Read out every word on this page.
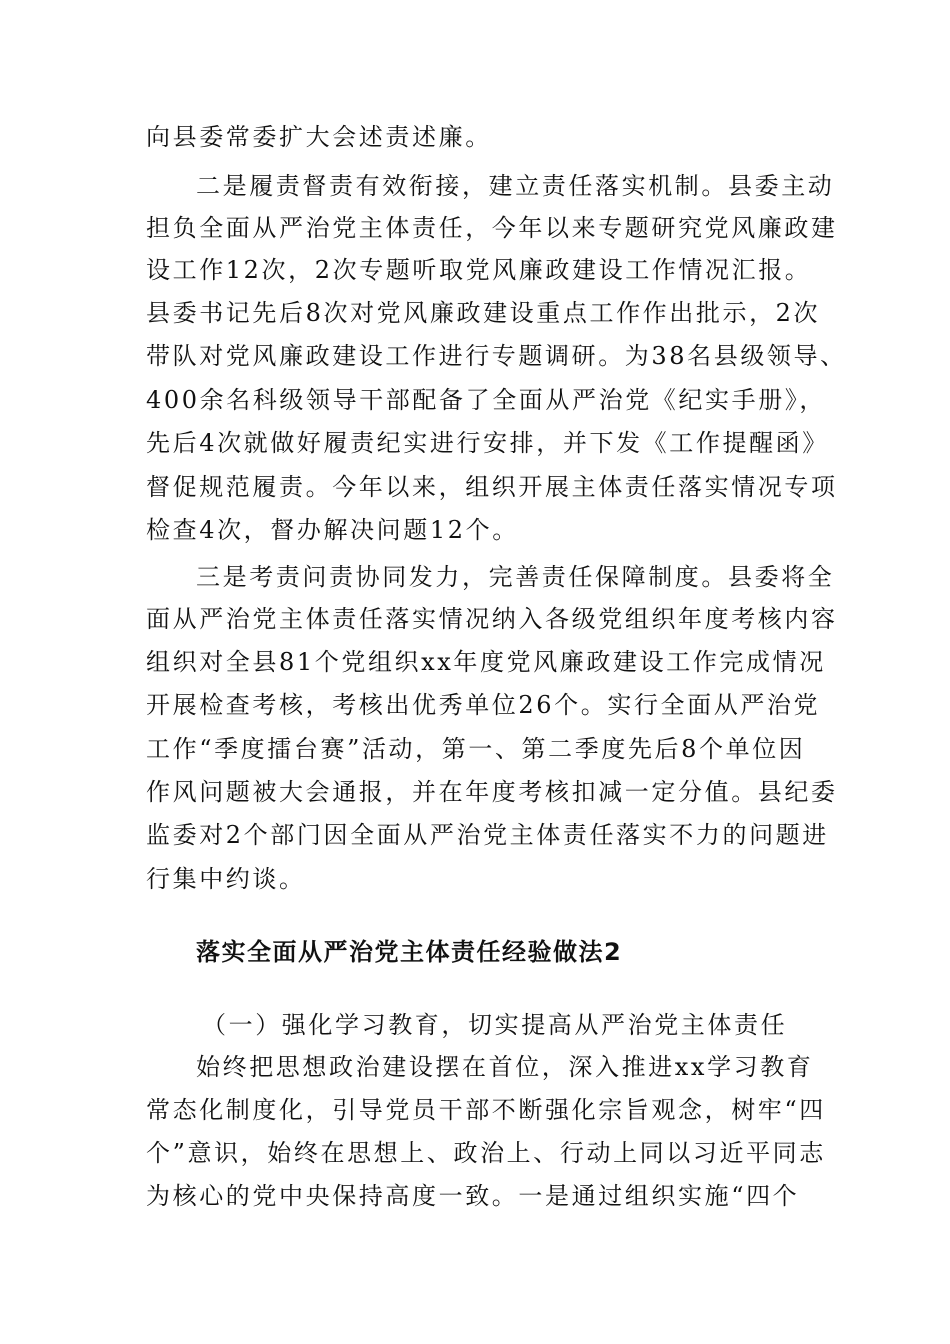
向县委常委扩大会述责述廉。
二是履责督责有效衔接，建立责任落实机制。县委主动
担负全面从严治党主体责任，今年以来专题研究党风廉政建
设工作12次，2次专题听取党风廉政建设工作情况汇报。
县委书记先后8次对党风廉政建设重点工作作出批示，2次
带队对党风廉政建设工作进行专题调研。为38名县级领导、
400余名科级领导干部配备了全面从严治党《纪实手册》，
先后4次就做好履责纪实进行安排，并下发《工作提醒函》
督促规范履责。今年以来，组织开展主体责任落实情况专项
检查4次，督办解决问题12个。
三是考责问责协同发力，完善责任保障制度。县委将全
面从严治党主体责任落实情况纳入各级党组织年度考核内容
组织对全县81个党组织xx年度党风廉政建设工作完成情况
开展检查考核，考核出优秀单位26个。实行全面从严治党
工作“季度擂台赛”活动，第一、第二季度先后8个单位因
作风问题被大会通报，并在年度考核扣减一定分值。县纪委
监委对2个部门因全面从严治党主体责任落实不力的问题进
行集中约谈。
落实全面从严治党主体责任经验做法2
（一）强化学习教育，切实提高从严治党主体责任
始终把思想政治建设摆在首位，深入推进xx学习教育
常态化制度化，引导党员干部不断强化宗旨观念，树牢“四
个”意识，始终在思想上、政治上、行动上同以习近平同志
为核心的党中央保持高度一致。一是通过组织实施“四个
